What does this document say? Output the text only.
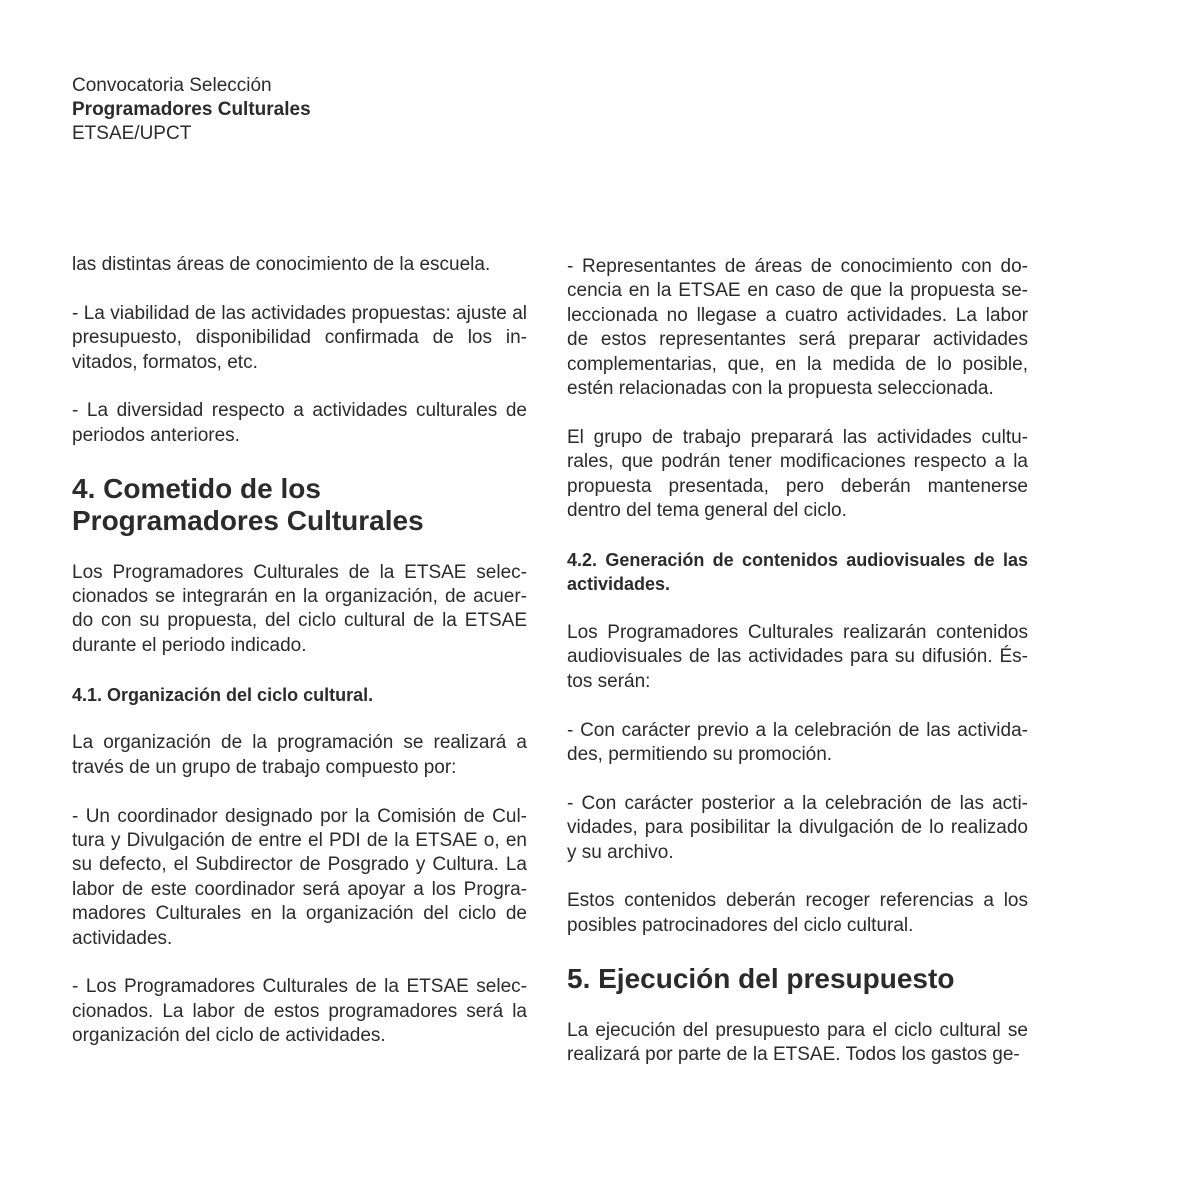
Convocatoria Selección
Programadores Culturales
ETSAE/UPCT

las distintas áreas de conocimiento de la escuela.

- La viabilidad de las actividades propuestas: ajuste al presupuesto, disponibilidad confirmada de los in- vitados, formatos, etc.

- La diversidad respecto a actividades culturales de periodos anteriores.

4. Cometido de los
Programadores Culturales

Los Programadores Culturales de la ETSAE selec- cionados se integrarán en la organización, de acuer- do con su propuesta, del ciclo cultural de la ETSAE durante el periodo indicado.

4.1. Organización del ciclo cultural.

La organización de la programación se realizará a través de un grupo de trabajo compuesto por:

- Un coordinador designado por la Comisión de Cul- tura y Divulgación de entre el PDI de la ETSAE o, en su defecto, el Subdirector de Posgrado y Cultura. La labor de este coordinador será apoyar a los Progra- madores Culturales en la organización del ciclo de actividades.

- Los Programadores Culturales de la ETSAE selec- cionados. La labor de estos programadores será la organización del ciclo de actividades.

- Representantes de áreas de conocimiento con do- cencia en la ETSAE en caso de que la propuesta se- leccionada no llegase a cuatro actividades. La labor de estos representantes será preparar actividades complementarias, que, en la medida de lo posible, estén relacionadas con la propuesta seleccionada.

El grupo de trabajo preparará las actividades cultu- rales, que podrán tener modificaciones respecto a la propuesta presentada, pero deberán mantenerse dentro del tema general del ciclo.

4.2. Generación de contenidos audiovisuales de las actividades.

Los Programadores Culturales realizarán contenidos audiovisuales de las actividades para su difusión. És- tos serán:

- Con carácter previo a la celebración de las activida- des, permitiendo su promoción.

- Con carácter posterior a la celebración de las acti- vidades, para posibilitar la divulgación de lo realizado y su archivo.

Estos contenidos deberán recoger referencias a los posibles patrocinadores del ciclo cultural.

5. Ejecución del presupuesto

La ejecución del presupuesto para el ciclo cultural se realizará por parte de la ETSAE. Todos los gastos ge-
